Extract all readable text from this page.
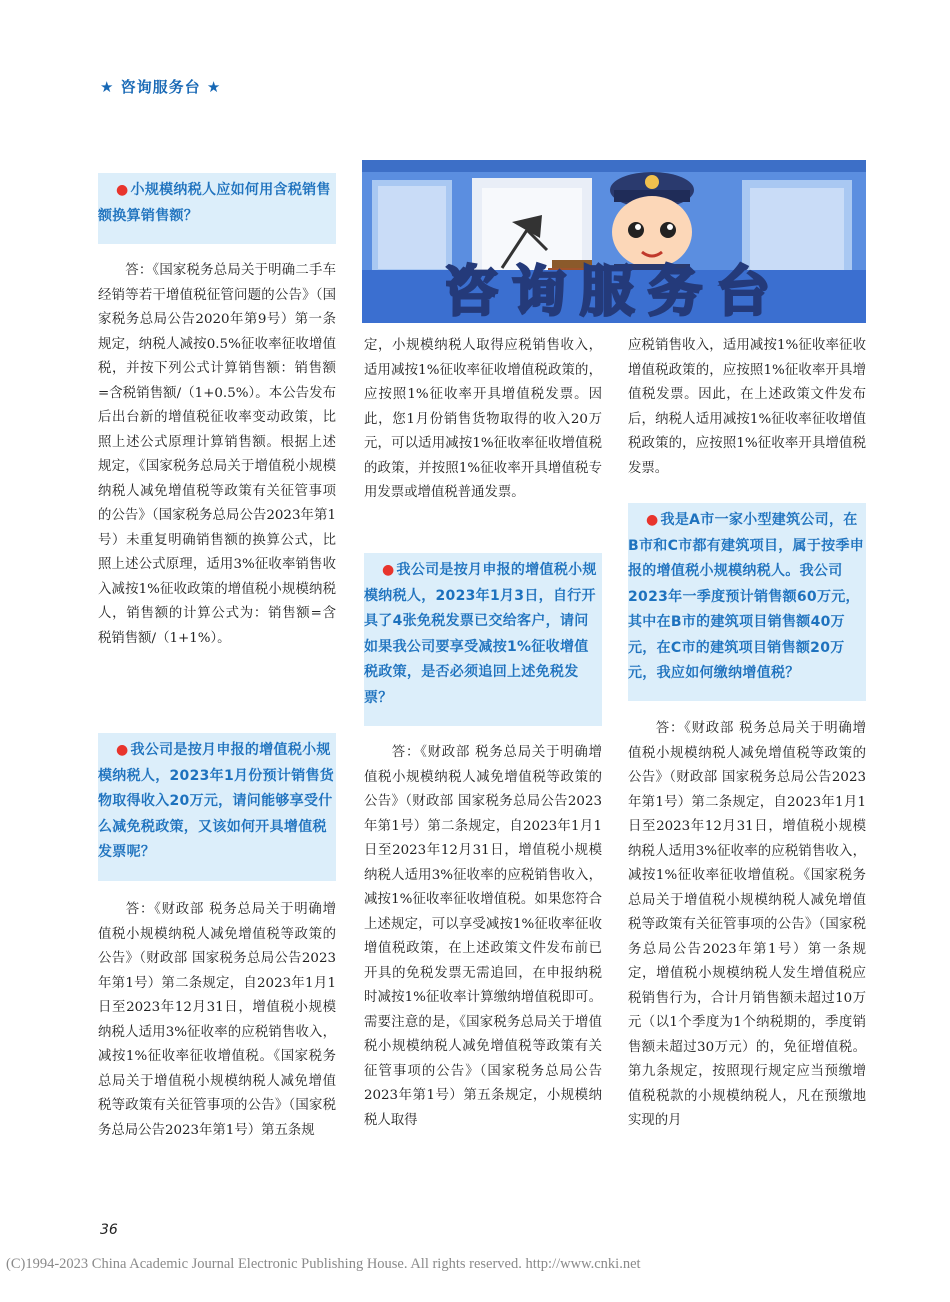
★ 咨询服务台 ★
● 小规模纳税人应如何用含税销售额换算销售额？

答：《国家税务总局关于明确二手车经销等若干增值税征管问题的公告》（国家税务总局公告2020年第9号）第一条规定，纳税人减按0.5%征收率征收增值税，并按下列公式计算销售额：销售额=含税销售额/（1+0.5%）。本公告发布后出台新的增值税征收率变动政策，比照上述公式原理计算销售额。根据上述规定，《国家税务总局关于增值税小规模纳税人减免增值税等政策有关征管事项的公告》（国家税务总局公告2023年第1号）未重复明确销售额的换算公式，比照上述公式原理，适用3%征收率销售收入减按1%征收政策的增值税小规模纳税人，销售额的计算公式为：销售额=含税销售额/（1+1%）。

● 我公司是按月申报的增值税小规模纳税人，2023年1月份预计销售货物取得收入20万元，请问能够享受什么减免税政策，又该如何开具增值税发票呢？

答：《财政部 税务总局关于明确增值税小规模纳税人减免增值税等政策的公告》（财政部 国家税务总局公告2023年第1号）第二条规定，自2023年1月1日至2023年12月31日，增值税小规模纳税人适用3%征收率的应税销售收入，减按1%征收率征收增值税。《国家税务总局关于增值税小规模纳税人减免增值税等政策有关征管事项的公告》（国家税务总局公告2023年第1号）第五条规

咨询服务台

定，小规模纳税人取得应税销售收入，适用减按1%征收率征收增值税政策的，应按照1%征收率开具增值税发票。因此，您1月份销售货物取得的收入20万元，可以适用减按1%征收率征收增值税的政策，并按照1%征收率开具增值税专用发票或增值税普通发票。

● 我公司是按月申报的增值税小规模纳税人，2023年1月3日，自行开具了4张免税发票已交给客户，请问如果我公司要享受减按1%征收增值税政策，是否必须追回上述免税发票？

答：《财政部 税务总局关于明确增值税小规模纳税人减免增值税等政策的公告》（财政部 国家税务总局公告2023年第1号）第二条规定，自2023年1月1日至2023年12月31日，增值税小规模纳税人适用3%征收率的应税销售收入，减按1%征收率征收增值税。如果您符合上述规定，可以享受减按1%征收率征收增值税政策，在上述政策文件发布前已开具的免税发票无需追回，在申报纳税时减按1%征收率计算缴纳增值税即可。需要注意的是，《国家税务总局关于增值税小规模纳税人减免增值税等政策有关征管事项的公告》（国家税务总局公告2023年第1号）第五条规定，小规模纳税人取得

应税销售收入，适用减按1%征收率征收增值税政策的，应按照1%征收率开具增值税发票。因此，在上述政策文件发布后，纳税人适用减按1%征收率征收增值税政策的，应按照1%征收率开具增值税发票。

● 我是A市一家小型建筑公司，在B市和C市都有建筑项目，属于按季申报的增值税小规模纳税人。我公司2023年一季度预计销售额60万元，其中在B市的建筑项目销售额40万元，在C市的建筑项目销售额20万元，我应如何缴纳增值税？

答：《财政部 税务总局关于明确增值税小规模纳税人减免增值税等政策的公告》（财政部 国家税务总局公告2023年第1号）第二条规定，自2023年1月1日至2023年12月31日，增值税小规模纳税人适用3%征收率的应税销售收入，减按1%征收率征收增值税。《国家税务总局关于增值税小规模纳税人减免增值税等政策有关征管事项的公告》（国家税务总局公告2023年第1号）第一条规定，增值税小规模纳税人发生增值税应税销售行为，合计月销售额未超过10万元（以1个季度为1个纳税期的，季度销售额未超过30万元）的，免征增值税。第九条规定，按照现行规定应当预缴增值税税款的小规模纳税人，凡在预缴地实现的月

36
(C)1994-2023 China Academic Journal Electronic Publishing House. All rights reserved. http://www.cnki.net
